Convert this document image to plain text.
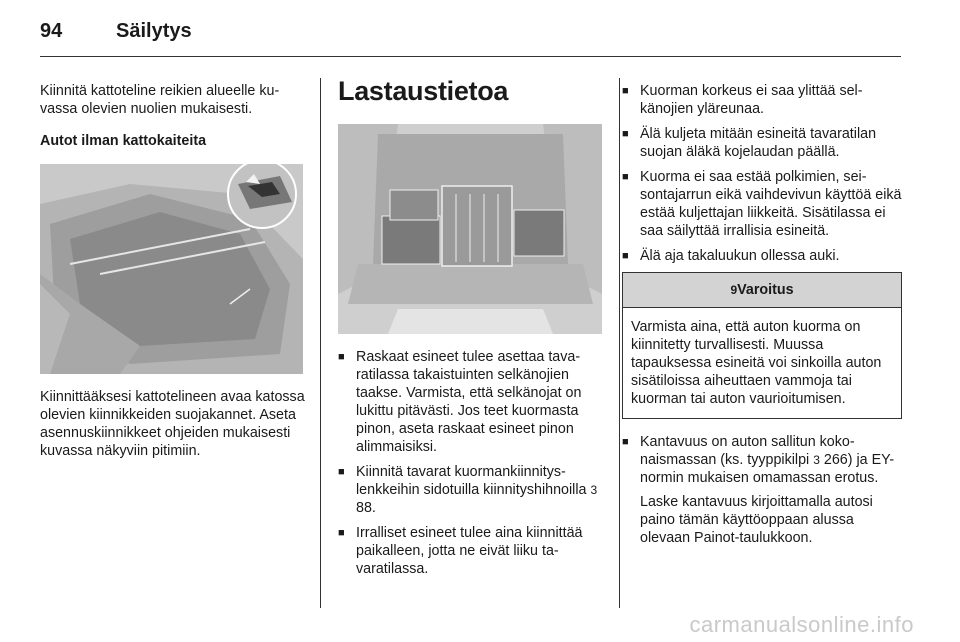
94	Säilytys

Kiinnitä kattoteline reikien alueelle kuvassa olevien nuolien mukaisesti.

Autot ilman kattokaiteita

Kiinnittääksesi kattotelineen avaa katossa olevien kiinnikkeiden suojakannet. Aseta asennuskiinnikkeet ohjeiden mukaisesti kuvassa näkyviin pitimiin.

Lastaustietoa
■ Raskaat esineet tulee asettaa tavaratilassa takaistuinten selkänojien taakse. Varmista, että selkänojat on lukittu pitävästi. Jos teet kuormasta pinon, aseta raskaat esineet pinon alimmaisiksi.
■ Kiinnitä tavarat kuormankiinnityslenkkeihin sidotuilla kiinnityshihnoilla 3 88.
■ Irralliset esineet tulee aina kiinnittää paikalleen, jotta ne eivät liiku tavaratilassa.
■ Kuorman korkeus ei saa ylittää selkänojien yläreunaa.
■ Älä kuljeta mitään esineitä tavaratilan suojan äläkä kojelaudan päällä.
■ Kuorma ei saa estää polkimien, seisontajarrun eikä vaihdevivun käyttöä eikä estää kuljettajan liikkeitä. Sisätilassa ei saa säilyttää irrallisia esineitä.
■ Älä aja takaluukun ollessa auki.
9Varoitus
Varmista aina, että auton kuorma on kiinnitetty turvallisesti. Muussa tapauksessa esineitä voi sinkoilla auton sisätiloissa aiheuttaen vammoja tai kuorman tai auton vaurioitumisen.
■ Kantavuus on auton sallitun kokonaismassan (ks. tyyppikilpi 3 266) ja EY-normin mukaisen omamassan erotus.

Laske kantavuus kirjoittamalla autosi paino tämän käyttöoppaan alussa olevaan Painot-taulukkoon.

carmanualsonline.info
